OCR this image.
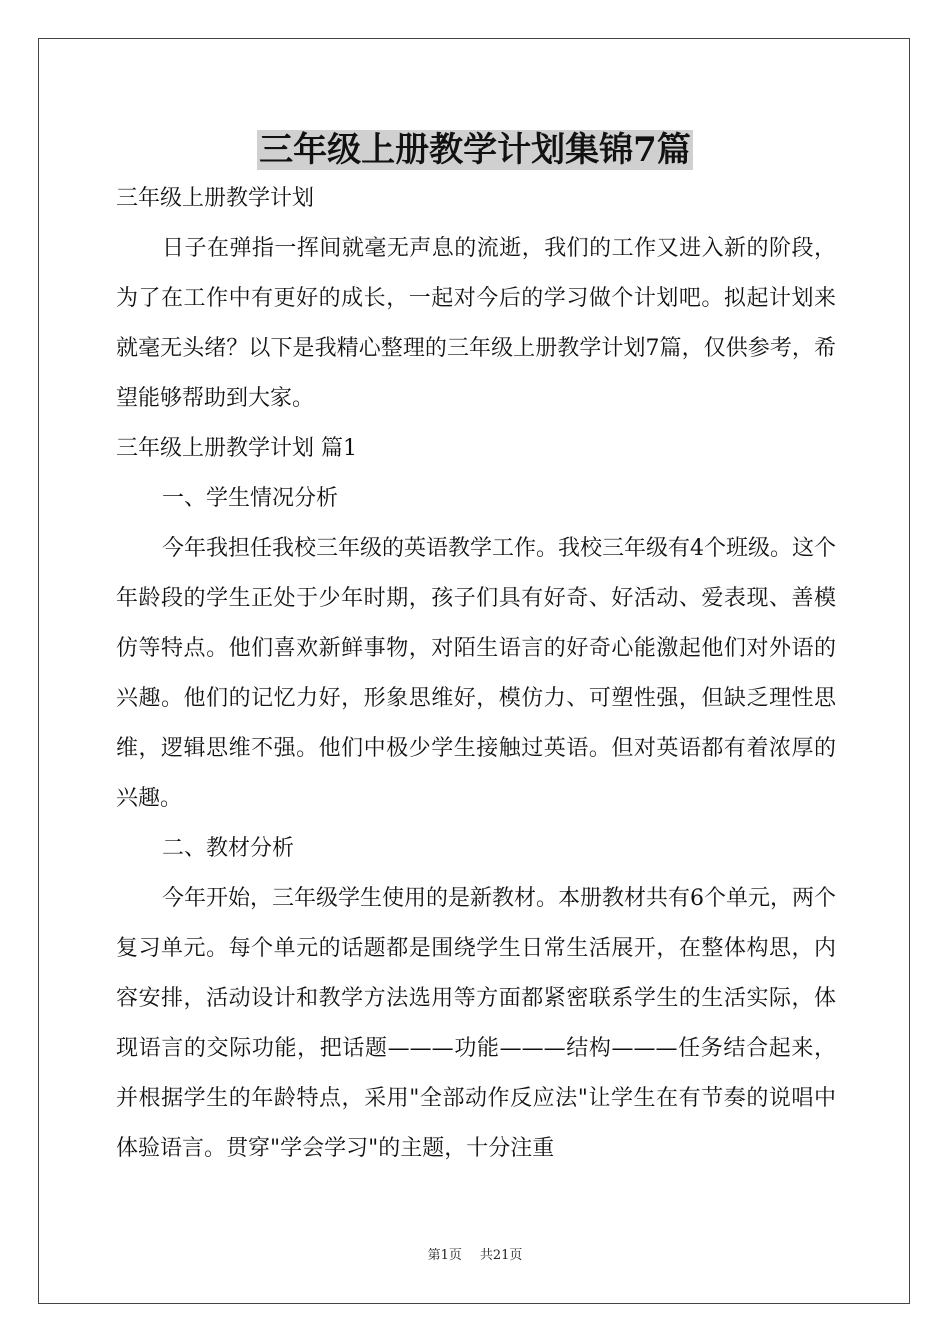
三年级上册教学计划集锦7篇

三年级上册教学计划

日子在弹指一挥间就毫无声息的流逝，我们的工作又进入新的阶段，为了在工作中有更好的成长，一起对今后的学习做个计划吧。拟起计划来就毫无头绪？以下是我精心整理的三年级上册教学计划7篇，仅供参考，希望能够帮助到大家。

三年级上册教学计划 篇1

一、学生情况分析

今年我担任我校三年级的英语教学工作。我校三年级有4个班级。这个年龄段的学生正处于少年时期，孩子们具有好奇、好活动、爱表现、善模仿等特点。他们喜欢新鲜事物，对陌生语言的好奇心能激起他们对外语的兴趣。他们的记忆力好，形象思维好，模仿力、可塑性强，但缺乏理性思维，逻辑思维不强。他们中极少学生接触过英语。但对英语都有着浓厚的兴趣。

二、教材分析

今年开始，三年级学生使用的是新教材。本册教材共有6个单元，两个复习单元。每个单元的话题都是围绕学生日常生活展开，在整体构思，内容安排，活动设计和教学方法选用等方面都紧密联系学生的生活实际，体现语言的交际功能，把话题———功能———结构———任务结合起来，并根据学生的年龄特点，采用"全部动作反应法"让学生在有节奏的说唱中体验语言。贯穿"学会学习"的主题，十分注重

第1页 共21页
